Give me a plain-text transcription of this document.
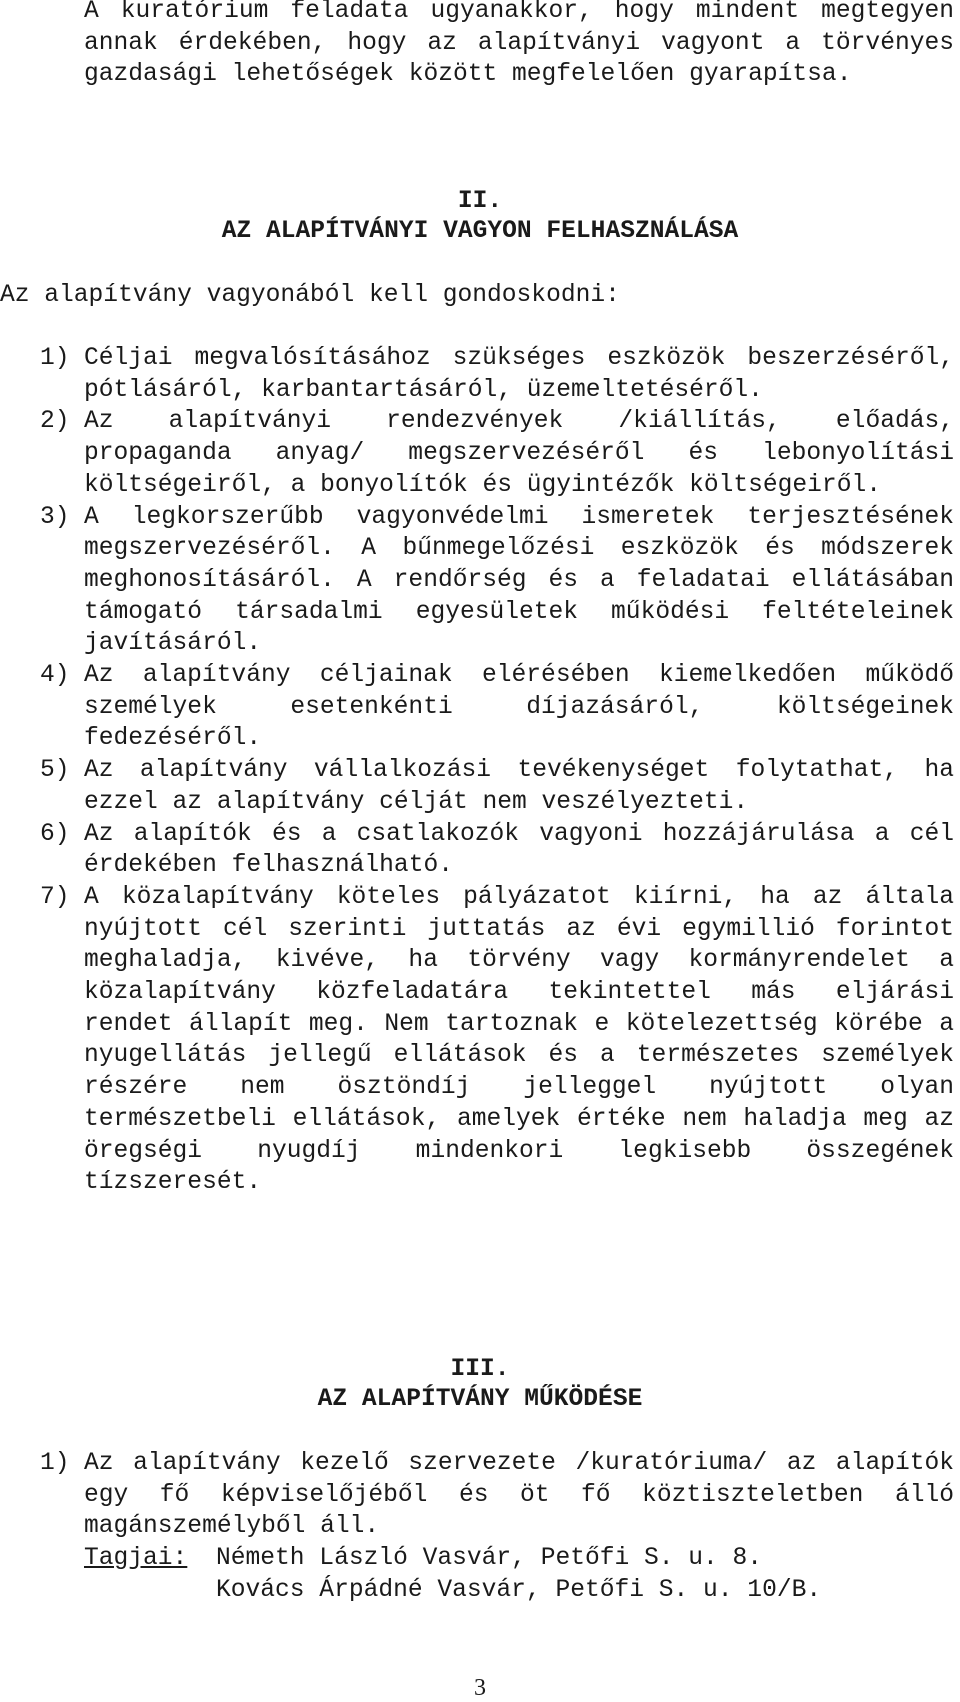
A kuratórium feladata ugyanakkor, hogy mindent megtegyen annak érdekében, hogy az alapítványi vagyont a törvényes gazdasági lehetőségek között megfelelően gyarapítsa.

II.
AZ ALAPÍTVÁNYI VAGYON FELHASZNÁLÁSA

Az alapítvány vagyonából kell gondoskodni:

1) Céljai megvalósításához szükséges eszközök beszerzéséről, pótlásáról, karbantartásáról, üzemeltetéséről.
2) Az alapítványi rendezvények /kiállítás, előadás, propaganda anyag/ megszervezéséről és lebonyolítási költségeiről, a bonyolítók és ügyintézők költségeiről.
3) A legkorszerűbb vagyonvédelmi ismeretek terjesztésének megszervezéséről. A bűnmegelőzési eszközök és módszerek meghonosításáról. A rendőrség és a feladatai ellátásában támogató társadalmi egyesületek működési feltételeinek javításáról.
4) Az alapítvány céljainak elérésében kiemelkedően működő személyek esetenkénti díjazásáról, költségeinek fedezéséről.
5) Az alapítvány vállalkozási tevékenységet folytathat, ha ezzel az alapítvány célját nem veszélyezteti.
6) Az alapítók és a csatlakozók vagyoni hozzájárulása a cél érdekében felhasználható.
7) A közalapítvány köteles pályázatot kiírni, ha az általa nyújtott cél szerinti juttatás az évi egymillió forintot meghaladja, kivéve, ha törvény vagy kormányrendelet a közalapítvány közfeladatára tekintettel más eljárási rendet állapít meg. Nem tartoznak e kötelezettség körébe a nyugellátás jellegű ellátások és a természetes személyek részére nem ösztöndíj jelleggel nyújtott olyan természetbeli ellátások, amelyek értéke nem haladja meg az öregségi nyugdíj mindenkori legkisebb összegének tízszeresét.
III.
AZ ALAPÍTVÁNY MŰKÖDÉSE
1) Az alapítvány kezelő szervezete /kuratóriuma/ az alapítók egy fő képviselőjéből és öt fő köztiszteletben álló magánszemélyből áll.
Tagjai:	Németh László Vasvár, Petőfi S. u. 8.
Kovács Árpádné Vasvár, Petőfi S. u. 10/B.

3
